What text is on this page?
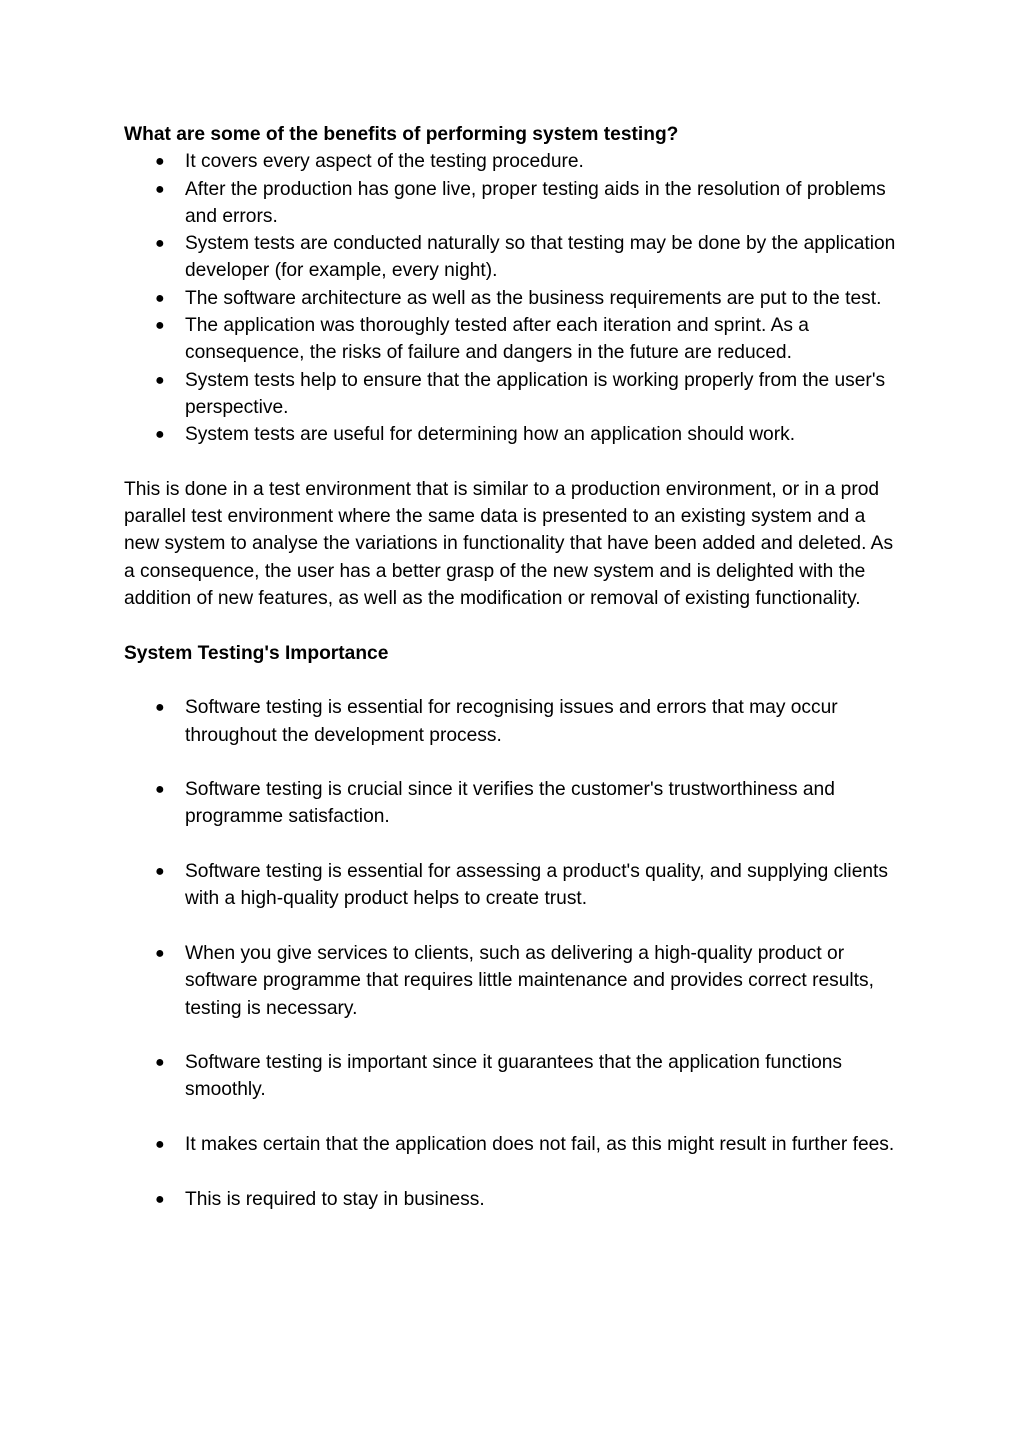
What are some of the benefits of performing system testing?

● It covers every aspect of the testing procedure.
● After the production has gone live, proper testing aids in the resolution of problems and errors.
● System tests are conducted naturally so that testing may be done by the application developer (for example, every night).
● The software architecture as well as the business requirements are put to the test.
● The application was thoroughly tested after each iteration and sprint. As a consequence, the risks of failure and dangers in the future are reduced.
● System tests help to ensure that the application is working properly from the user's perspective.
● System tests are useful for determining how an application should work.

This is done in a test environment that is similar to a production environment, or in a prod parallel test environment where the same data is presented to an existing system and a new system to analyse the variations in functionality that have been added and deleted. As a consequence, the user has a better grasp of the new system and is delighted with the addition of new features, as well as the modification or removal of existing functionality.

System Testing's Importance

● Software testing is essential for recognising issues and errors that may occur throughout the development process.
● Software testing is crucial since it verifies the customer's trustworthiness and programme satisfaction.
● Software testing is essential for assessing a product's quality, and supplying clients with a high-quality product helps to create trust.
● When you give services to clients, such as delivering a high-quality product or software programme that requires little maintenance and provides correct results, testing is necessary.
● Software testing is important since it guarantees that the application functions smoothly.
● It makes certain that the application does not fail, as this might result in further fees.
● This is required to stay in business.
